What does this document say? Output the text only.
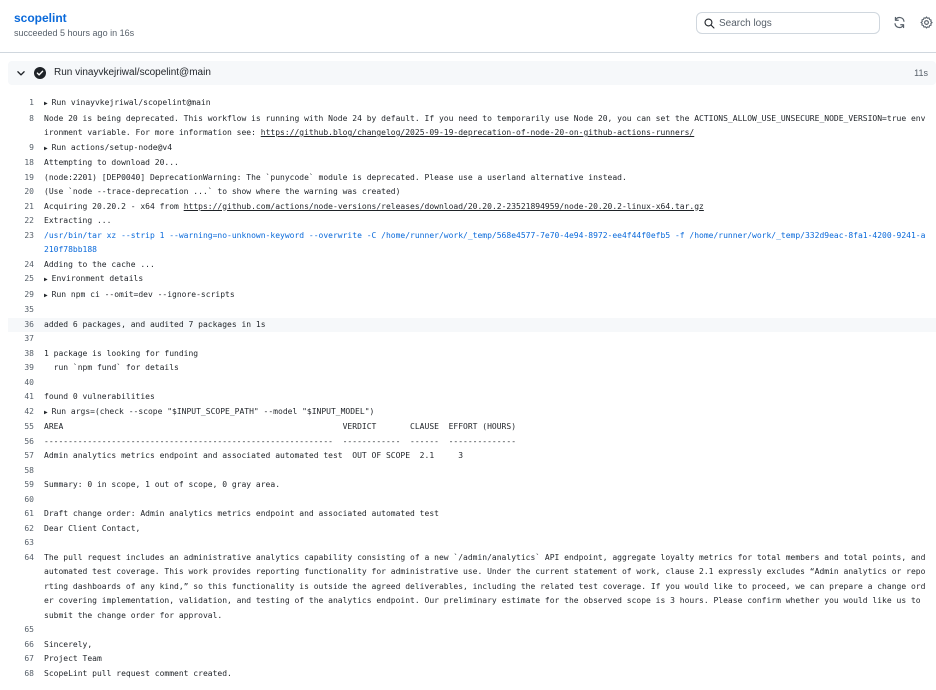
scopelint
succeeded 5 hours ago in 16s
Search logs
Run vinayvkejriwal/scopelint@main	11s
1	▶ Run vinayvkejriwal/scopelint@main
8	Node 20 is being deprecated. This workflow is running with Node 24 by default. If you need to temporarily use Node 20, you can set the ACTIONS_ALLOW_USE_UNSECURE_NODE_VERSION=true environment variable. For more information see: https://github.blog/changelog/2025-09-19-deprecation-of-node-20-on-github-actions-runners/
9	▶ Run actions/setup-node@v4
18	Attempting to download 20...
19	(node:2201) [DEP0040] DeprecationWarning: The `punycode` module is deprecated. Please use a userland alternative instead.
20	(Use `node --trace-deprecation ...` to show where the warning was created)
21	Acquiring 20.20.2 - x64 from https://github.com/actions/node-versions/releases/download/20.20.2-23521894959/node-20.20.2-linux-x64.tar.gz
22	Extracting ...
23	/usr/bin/tar xz --strip 1 --warning=no-unknown-keyword --overwrite -C /home/runner/work/_temp/568e4577-7e70-4e94-8972-ee4f44f0efb5 -f /home/runner/work/_temp/332d9eac-8fa1-4200-9241-a210f78bb188
24	Adding to the cache ...
25	▶ Environment details
29	▶ Run npm ci --omit=dev --ignore-scripts
35
36	added 6 packages, and audited 7 packages in 1s
37
38	1 package is looking for funding
39	run `npm fund` for details
40
41	found 0 vulnerabilities
42	▶ Run args=(check --scope "$INPUT_SCOPE_PATH" --model "$INPUT_MODEL")
55	AREA                                                          VERDICT       CLAUSE  EFFORT (HOURS)
56	------------------------------------------------------------  ------------  ------  --------------
57	Admin analytics metrics endpoint and associated automated test  OUT OF SCOPE  2.1     3
58
59	Summary: 0 in scope, 1 out of scope, 0 gray area.
60
61	Draft change order: Admin analytics metrics endpoint and associated automated test
62	Dear Client Contact,
63
64	The pull request includes an administrative analytics capability consisting of a new `/admin/analytics` API endpoint, aggregate loyalty metrics for total members and total points, and automated test coverage. This work provides reporting functionality for administrative use. Under the current statement of work, clause 2.1 expressly excludes “Admin analytics or reporting dashboards of any kind,” so this functionality is outside the agreed deliverables, including the related test coverage. If you would like to proceed, we can prepare a change order covering implementation, validation, and testing of the analytics endpoint. Our preliminary estimate for the observed scope is 3 hours. Please confirm whether you would like us to submit the change order for approval.
65
66	Sincerely,
67	Project Team
68	ScopeLint pull request comment created.
